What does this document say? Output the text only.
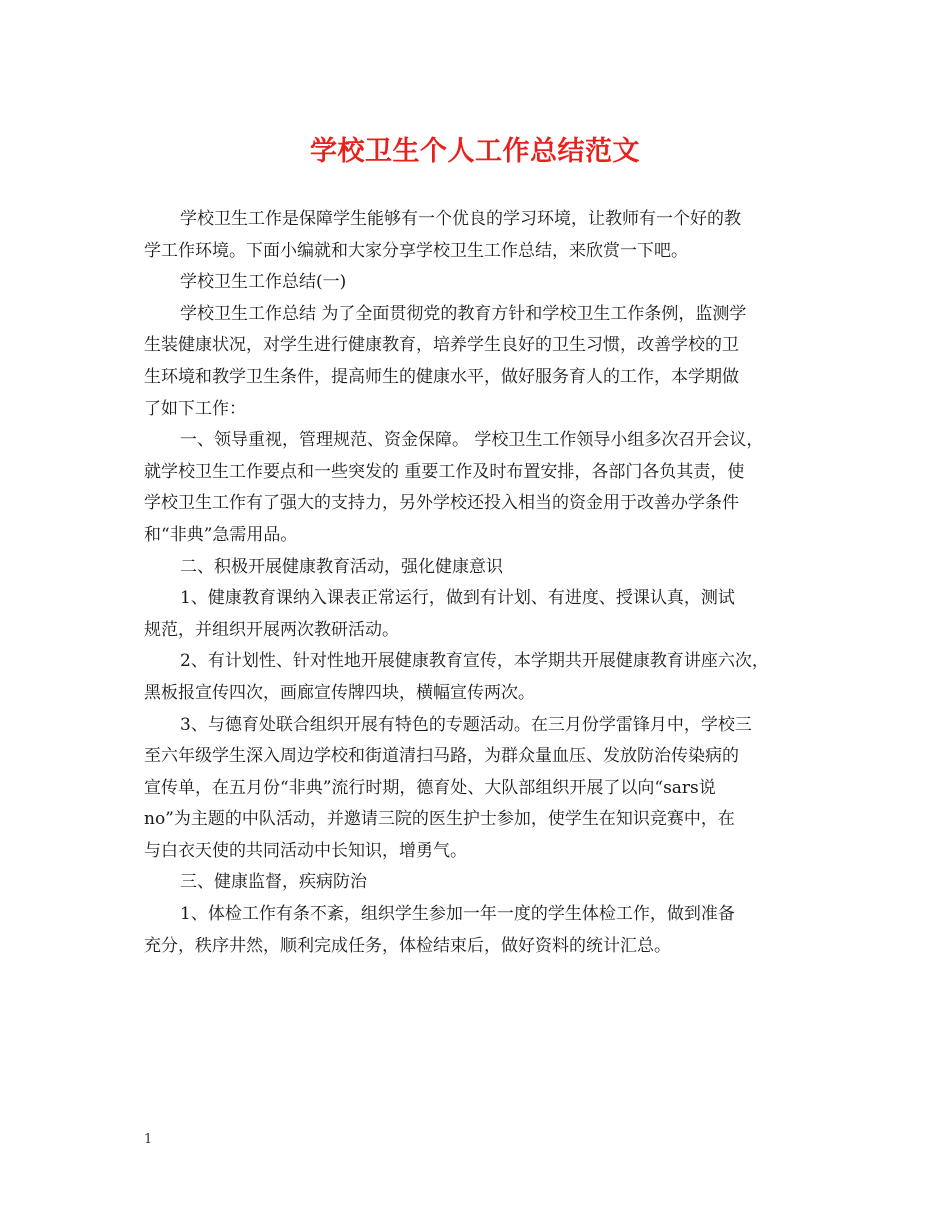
学校卫生个人工作总结范文
学校卫生工作是保障学生能够有一个优良的学习环境，让教师有一个好的教
学工作环境。下面小编就和大家分享学校卫生工作总结，来欣赏一下吧。
学校卫生工作总结(一)
学校卫生工作总结 为了全面贯彻党的教育方针和学校卫生工作条例，监测学
生装健康状况，对学生进行健康教育，培养学生良好的卫生习惯，改善学校的卫
生环境和教学卫生条件，提高师生的健康水平，做好服务育人的工作，本学期做
了如下工作：
一、领导重视，管理规范、资金保障。 学校卫生工作领导小组多次召开会议，
就学校卫生工作要点和一些突发的 重要工作及时布置安排，各部门各负其责，使
学校卫生工作有了强大的支持力，另外学校还投入相当的资金用于改善办学条件
和“非典”急需用品。
二、积极开展健康教育活动，强化健康意识
1、健康教育课纳入课表正常运行，做到有计划、有进度、授课认真，测试
规范，并组织开展两次教研活动。
2、有计划性、针对性地开展健康教育宣传，本学期共开展健康教育讲座六次，
黑板报宣传四次，画廊宣传牌四块，横幅宣传两次。
3、与德育处联合组织开展有特色的专题活动。在三月份学雷锋月中，学校三
至六年级学生深入周边学校和街道清扫马路，为群众量血压、发放防治传染病的
宣传单，在五月份“非典”流行时期，德育处、大队部组织开展了以向“sars说
no”为主题的中队活动，并邀请三院的医生护士参加，使学生在知识竞赛中，在
与白衣天使的共同活动中长知识，增勇气。
三、健康监督，疾病防治
1、体检工作有条不紊，组织学生参加一年一度的学生体检工作，做到准备
充分，秩序井然，顺利完成任务，体检结束后，做好资料的统计汇总。
1
